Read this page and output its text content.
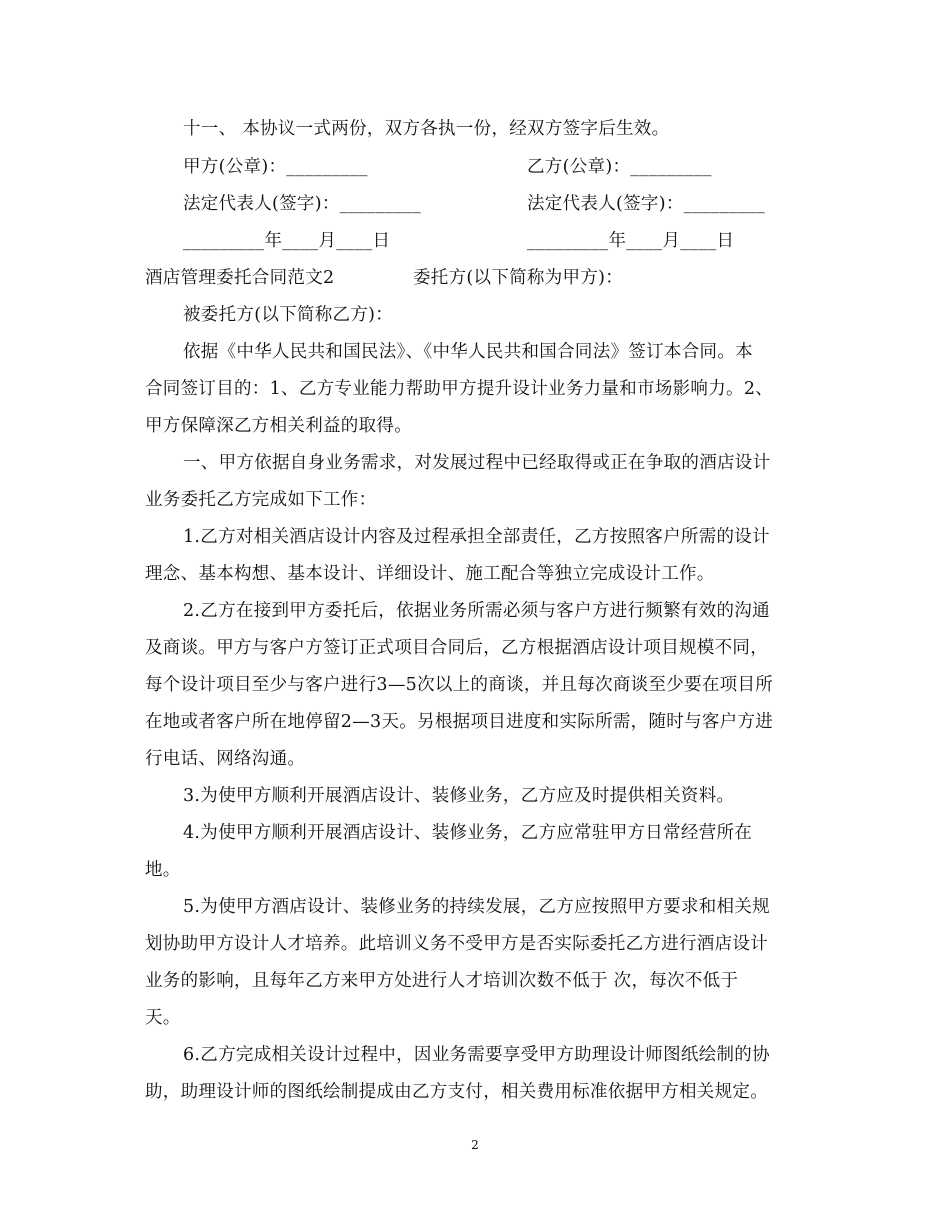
十一、 本协议一式两份，双方各执一份，经双方签字后生效。
甲方(公章)：_________	乙方(公章)：_________
法定代表人(签字)：_________	法定代表人(签字)：_________
_________年____月____日	_________年____月____日
酒店管理委托合同范文2	委托方(以下简称为甲方)：
被委托方(以下简称乙方)：
依据《中华人民共和国民法》、《中华人民共和国合同法》签订本合同。本
合同签订目的：1、乙方专业能力帮助甲方提升设计业务力量和市场影响力。2、
甲方保障深乙方相关利益的取得。
一、甲方依据自身业务需求，对发展过程中已经取得或正在争取的酒店设计
业务委托乙方完成如下工作：
1.乙方对相关酒店设计内容及过程承担全部责任，乙方按照客户所需的设计
理念、基本构想、基本设计、详细设计、施工配合等独立完成设计工作。
2.乙方在接到甲方委托后，依据业务所需必须与客户方进行频繁有效的沟通
及商谈。甲方与客户方签订正式项目合同后，乙方根据酒店设计项目规模不同，
每个设计项目至少与客户进行3—5次以上的商谈，并且每次商谈至少要在项目所
在地或者客户所在地停留2—3天。另根据项目进度和实际所需，随时与客户方进
行电话、网络沟通。
3.为使甲方顺利开展酒店设计、装修业务，乙方应及时提供相关资料。
4.为使甲方顺利开展酒店设计、装修业务，乙方应常驻甲方日常经营所在
地。
5.为使甲方酒店设计、装修业务的持续发展，乙方应按照甲方要求和相关规
划协助甲方设计人才培养。此培训义务不受甲方是否实际委托乙方进行酒店设计
业务的影响，且每年乙方来甲方处进行人才培训次数不低于 次，每次不低于
天。
6.乙方完成相关设计过程中，因业务需要享受甲方助理设计师图纸绘制的协
助，助理设计师的图纸绘制提成由乙方支付，相关费用标准依据甲方相关规定。
2
